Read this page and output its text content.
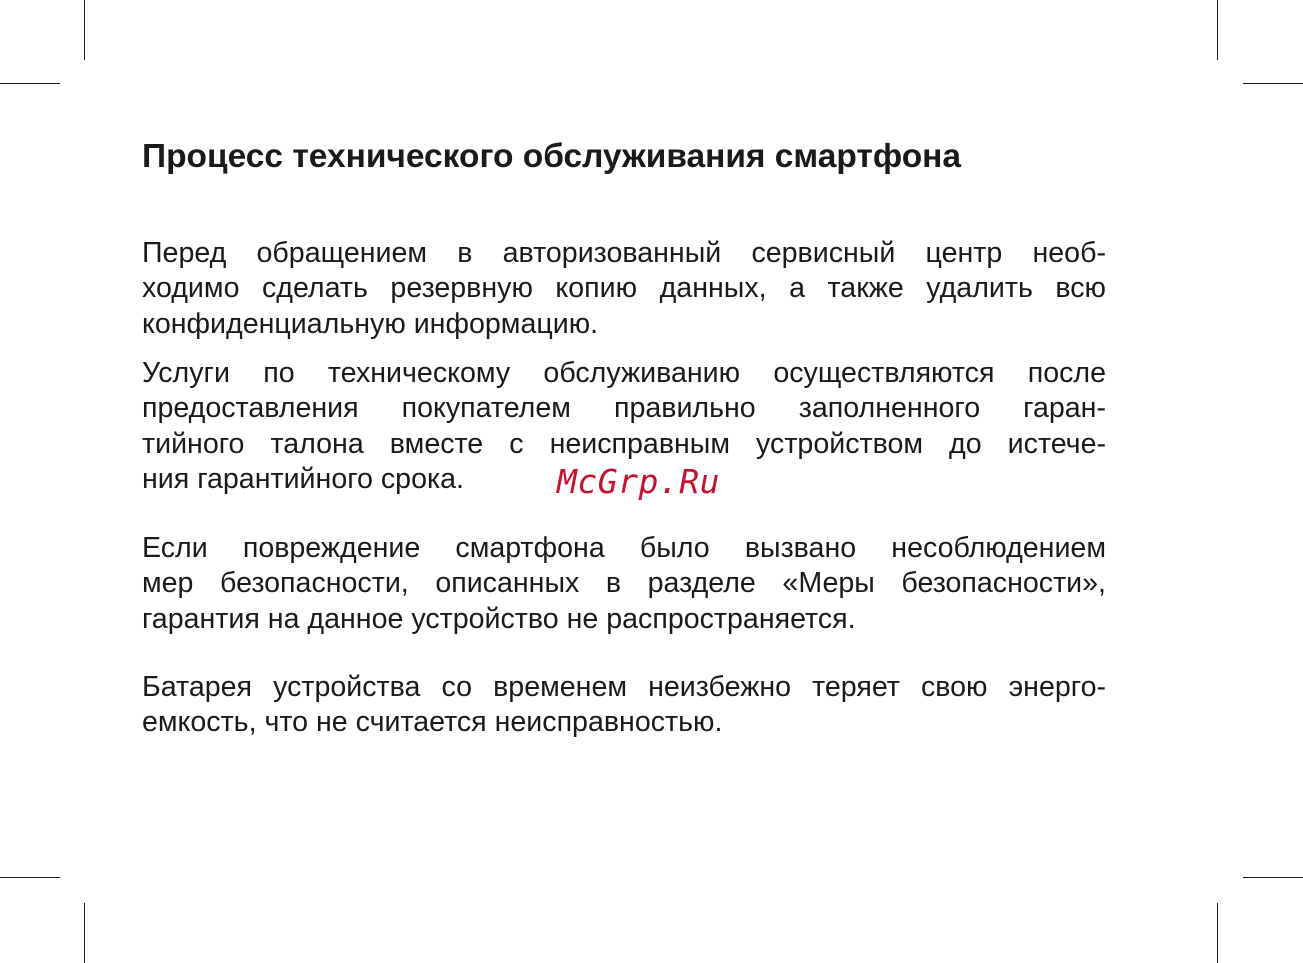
Процесс технического обслуживания смартфона

Перед обращением в авторизованный сервисный центр необ-
ходимо сделать резервную копию данных, а также удалить всю
конфиденциальную информацию.

Услуги по техническому обслуживанию осуществляются после
предоставления покупателем правильно заполненного гаран-
тийного талона вместе с неисправным устройством до истече-
ния гарантийного срока.	McGrp.Ru

Если повреждение смартфона было вызвано несоблюдением
мер безопасности, описанных в разделе «Меры безопасности»,
гарантия на данное устройство не распространяется.

Батарея устройства со временем неизбежно теряет свою энерго-
емкость, что не считается неисправностью.
